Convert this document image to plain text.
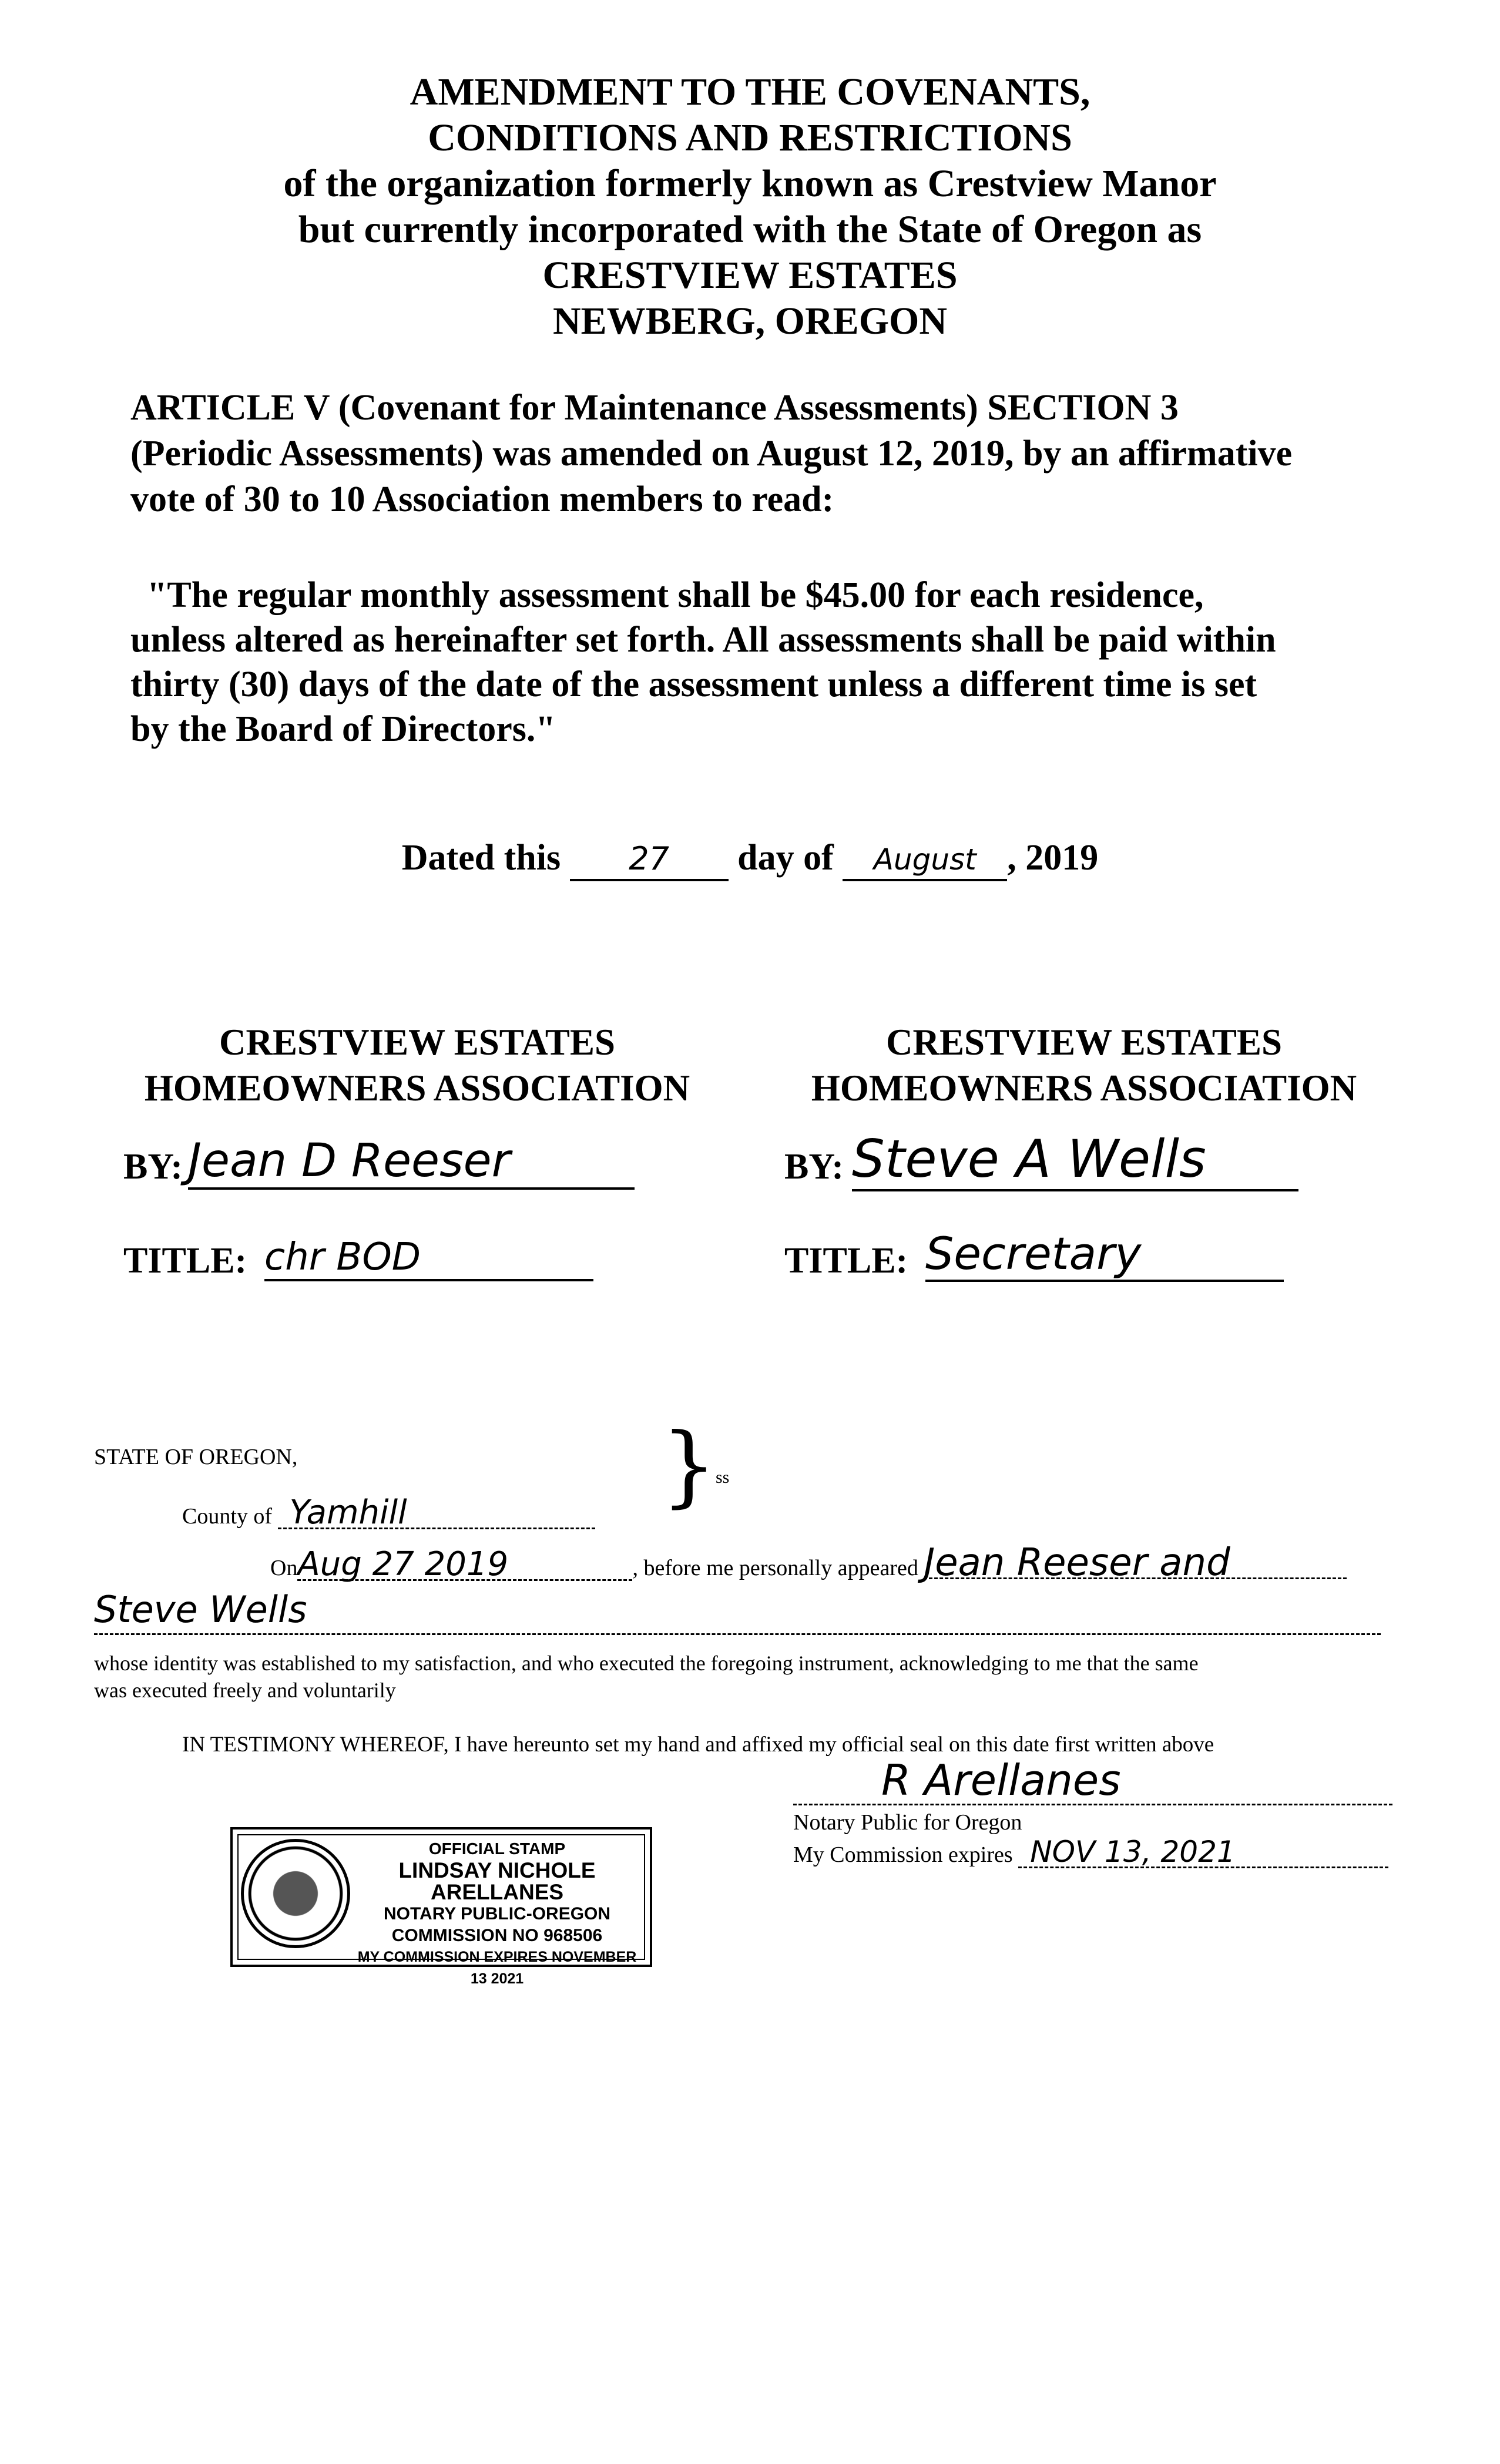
AMENDMENT TO THE COVENANTS,
CONDITIONS AND RESTRICTIONS
of the organization formerly known as Crestview Manor
but currently incorporated with the State of Oregon as
CRESTVIEW ESTATES
NEWBERG, OREGON
ARTICLE V (Covenant for Maintenance Assessments) SECTION 3
(Periodic Assessments) was amended on August 12, 2019, by an affirmative
vote of 30 to 10 Association members to read:
"The regular monthly assessment shall be $45.00 for each residence,
unless altered as hereinafter set forth. All assessments shall be paid within
thirty (30) days of the date of the assessment unless a different time is set
by the Board of Directors."
Dated this 27 day of August , 2019
CRESTVIEW ESTATES
HOMEOWNERS ASSOCIATION
BY: Jean D Reeser
TITLE: chr BOD
CRESTVIEW ESTATES
HOMEOWNERS ASSOCIATION
BY: Steve A Wells
TITLE: Secretary
STATE OF OREGON,	}
ss
County of Yamhill
OnAug 27 2019	, before me personally appeared Jean Reeser and
Steve Wells
whose identity was established to my satisfaction, and who executed the foregoing instrument, acknowledging to me that the same
was executed freely and voluntarily
IN TESTIMONY WHEREOF, I have hereunto set my hand and affixed my official seal on this date first written above
R Arellanes
Notary Public for Oregon
My Commission expires NOV 13, 2021
OFFICIAL STAMP
LINDSAY NICHOLE ARELLANES
NOTARY PUBLIC-OREGON
COMMISSION NO 968506
MY COMMISSION EXPIRES NOVEMBER 13 2021
